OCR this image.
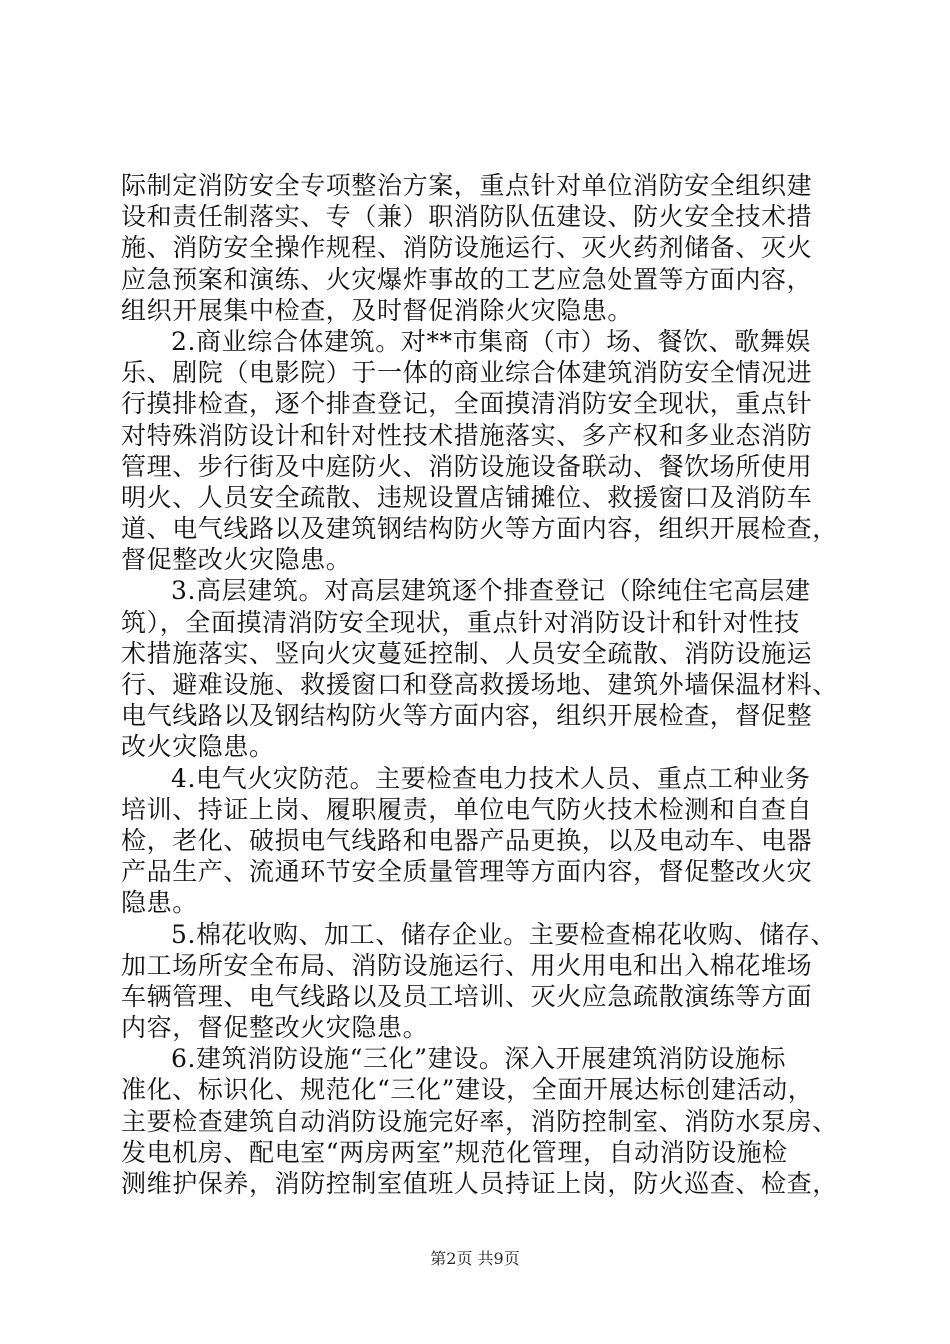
际制定消防安全专项整治方案，重点针对单位消防安全组织建
设和责任制落实、专（兼）职消防队伍建设、防火安全技术措
施、消防安全操作规程、消防设施运行、灭火药剂储备、灭火
应急预案和演练、火灾爆炸事故的工艺应急处置等方面内容，
组织开展集中检查，及时督促消除火灾隐患。
2.商业综合体建筑。对**市集商（市）场、餐饮、歌舞娱
乐、剧院（电影院）于一体的商业综合体建筑消防安全情况进
行摸排检查，逐个排查登记，全面摸清消防安全现状，重点针
对特殊消防设计和针对性技术措施落实、多产权和多业态消防
管理、步行街及中庭防火、消防设施设备联动、餐饮场所使用
明火、人员安全疏散、违规设置店铺摊位、救援窗口及消防车
道、电气线路以及建筑钢结构防火等方面内容，组织开展检查，
督促整改火灾隐患。
3.高层建筑。对高层建筑逐个排查登记（除纯住宅高层建
筑），全面摸清消防安全现状，重点针对消防设计和针对性技
术措施落实、竖向火灾蔓延控制、人员安全疏散、消防设施运
行、避难设施、救援窗口和登高救援场地、建筑外墙保温材料、
电气线路以及钢结构防火等方面内容，组织开展检查，督促整
改火灾隐患。
4.电气火灾防范。主要检查电力技术人员、重点工种业务
培训、持证上岗、履职履责，单位电气防火技术检测和自查自
检，老化、破损电气线路和电器产品更换，以及电动车、电器
产品生产、流通环节安全质量管理等方面内容，督促整改火灾
隐患。
5.棉花收购、加工、储存企业。主要检查棉花收购、储存、
加工场所安全布局、消防设施运行、用火用电和出入棉花堆场
车辆管理、电气线路以及员工培训、灭火应急疏散演练等方面
内容，督促整改火灾隐患。
6.建筑消防设施“三化”建设。深入开展建筑消防设施标
准化、标识化、规范化“三化”建设，全面开展达标创建活动，
主要检查建筑自动消防设施完好率，消防控制室、消防水泵房、
发电机房、配电室“两房两室”规范化管理，自动消防设施检
测维护保养，消防控制室值班人员持证上岗，防火巡查、检查，
第2页 共9页
